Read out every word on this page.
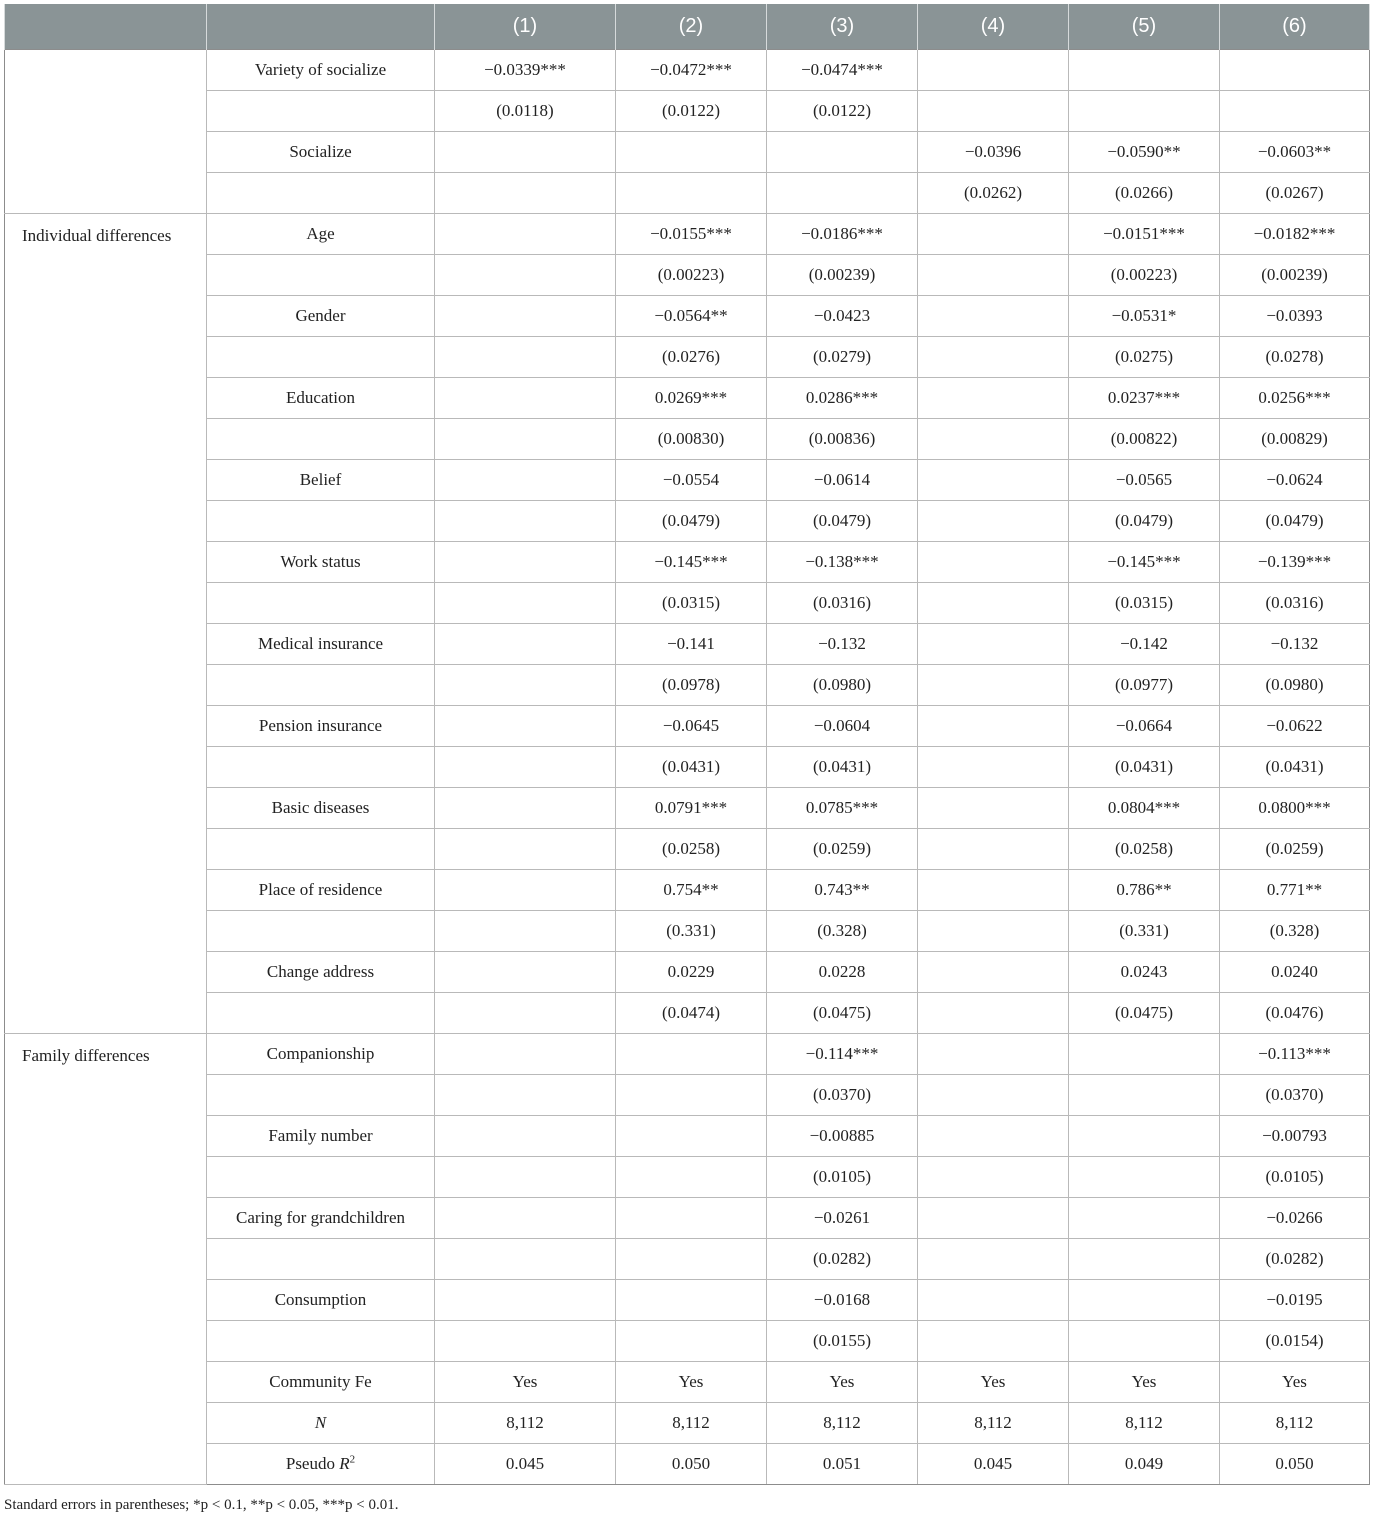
		(1)	(2)	(3)	(4)	(5)	(6)
	Variety of socialize	−0.0339***	−0.0472***	−0.0474***			
		(0.0118)	(0.0122)	(0.0122)			
	Socialize				−0.0396	−0.0590**	−0.0603**
					(0.0262)	(0.0266)	(0.0267)
Individual differences	Age		−0.0155***	−0.0186***		−0.0151***	−0.0182***
			(0.00223)	(0.00239)		(0.00223)	(0.00239)
	Gender		−0.0564**	−0.0423		−0.0531*	−0.0393
			(0.0276)	(0.0279)		(0.0275)	(0.0278)
	Education		0.0269***	0.0286***		0.0237***	0.0256***
			(0.00830)	(0.00836)		(0.00822)	(0.00829)
	Belief		−0.0554	−0.0614		−0.0565	−0.0624
			(0.0479)	(0.0479)		(0.0479)	(0.0479)
	Work status		−0.145***	−0.138***		−0.145***	−0.139***
			(0.0315)	(0.0316)		(0.0315)	(0.0316)
	Medical insurance		−0.141	−0.132		−0.142	−0.132
			(0.0978)	(0.0980)		(0.0977)	(0.0980)
	Pension insurance		−0.0645	−0.0604		−0.0664	−0.0622
			(0.0431)	(0.0431)		(0.0431)	(0.0431)
	Basic diseases		0.0791***	0.0785***		0.0804***	0.0800***
			(0.0258)	(0.0259)		(0.0258)	(0.0259)
	Place of residence		0.754**	0.743**		0.786**	0.771**
			(0.331)	(0.328)		(0.331)	(0.328)
	Change address		0.0229	0.0228		0.0243	0.0240
			(0.0474)	(0.0475)		(0.0475)	(0.0476)
Family differences	Companionship			−0.114***			−0.113***
				(0.0370)			(0.0370)
	Family number			−0.00885			−0.00793
				(0.0105)			(0.0105)
	Caring for grandchildren			−0.0261			−0.0266
				(0.0282)			(0.0282)
	Consumption			−0.0168			−0.0195
				(0.0155)			(0.0154)
	Community Fe	Yes	Yes	Yes	Yes	Yes	Yes
	N	8,112	8,112	8,112	8,112	8,112	8,112
	Pseudo $R^2$	0.045	0.050	0.051	0.045	0.049	0.050
Standard errors in parentheses; *p < 0.1, **p < 0.05, ***p < 0.01.
